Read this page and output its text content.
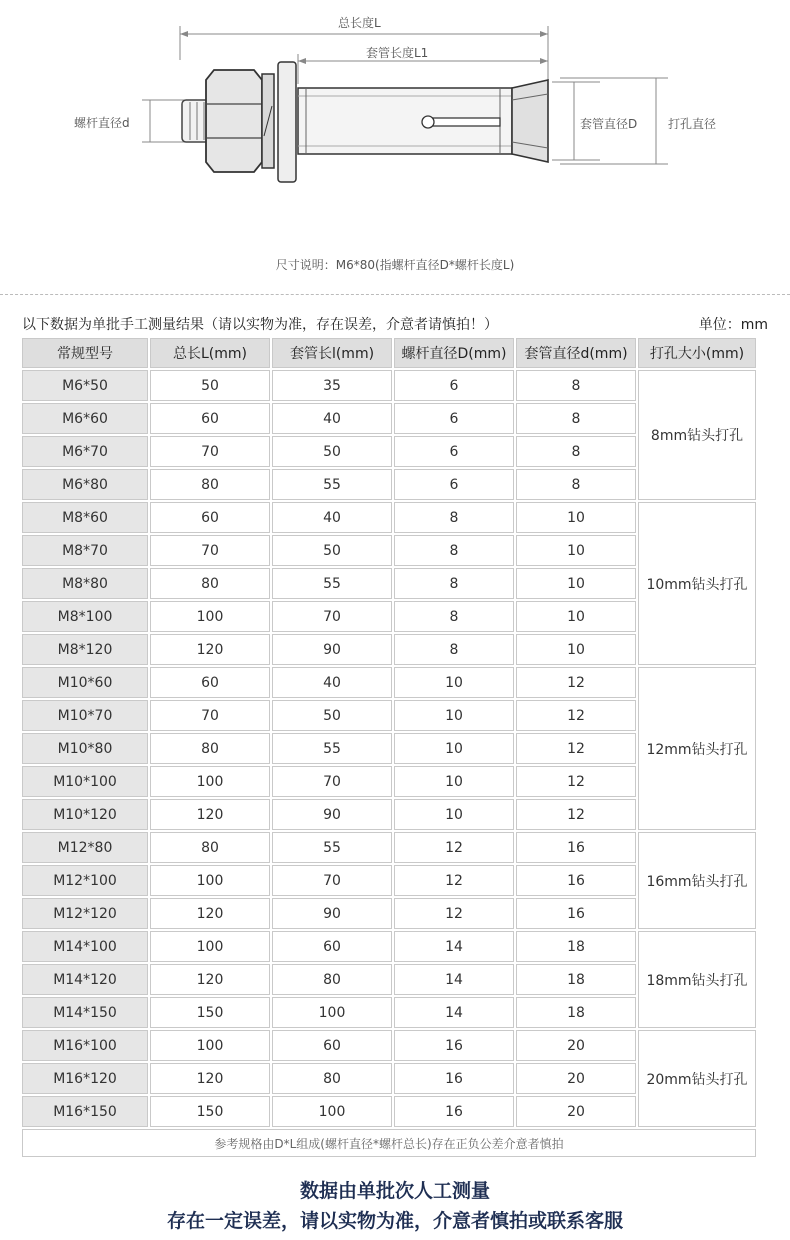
总长度L
套管长度L1
螺杆直径d	套管直径D	打孔直径
尺寸说明：M6*80(指螺杆直径D*螺杆长度L)
以下数据为单批手工测量结果（请以实物为准，存在误差，介意者请慎拍！）	单位：mm
常规型号	总长L(mm)	套管长l(mm)	螺杆直径D(mm)	套管直径d(mm)	打孔大小(mm)
M6*50	50	35	6	8	8mm钻头打孔
M6*60	60	40	6	8	
M6*70	70	50	6	8	
M6*80	80	55	6	8	
M8*60	60	40	8	10	10mm钻头打孔
M8*70	70	50	8	10	
M8*80	80	55	8	10	
M8*100	100	70	8	10	
M8*120	120	90	8	10	
M10*60	60	40	10	12	12mm钻头打孔
M10*70	70	50	10	12	
M10*80	80	55	10	12	
M10*100	100	70	10	12	
M10*120	120	90	10	12	
M12*80	80	55	12	16	16mm钻头打孔
M12*100	100	70	12	16	
M12*120	120	90	12	16	
M14*100	100	60	14	18	18mm钻头打孔
M14*120	120	80	14	18	
M14*150	150	100	14	18	
M16*100	100	60	16	20	20mm钻头打孔
M16*120	120	80	16	20	
M16*150	150	100	16	20	
参考规格由D*L组成(螺杆直径*螺杆总长)存在正负公差介意者慎拍					
数据由单批次人工测量
存在一定误差，请以实物为准，介意者慎拍或联系客服
